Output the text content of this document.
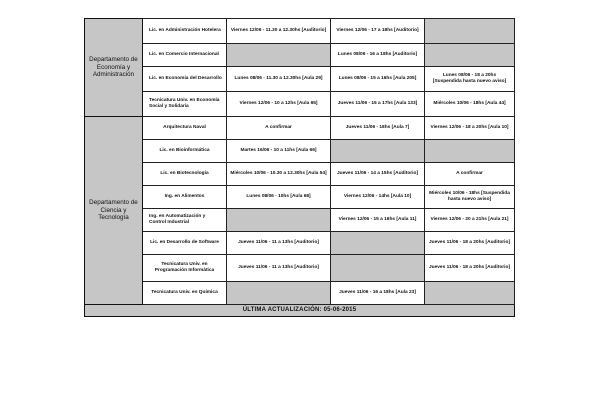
Departamento de Economía y Administración	Lic. en Administración Hotelera	Viernes 12/06 - 11.30 a 12.30hs [Auditorio]	Viernes 12/06 - 17 a 18hs [Auditorio]	
	Lic. en Comercio Internacional		Lunes 08/06 - 16 a 18hs [Auditorio]	
	Lic. en Economía del Desarrollo	Lunes 08/06 - 11.30 a 12.30hs [Aula 29]	Lunes 08/06 - 15 a 16hs [Aula 205]	Lunes 08/06 - 18 a 20hs [Suspendida hasta nuevo aviso]
	Tecnicatura Univ. en Economía Social y Solidaria	Viernes 12/06 - 10 a 12hs [Aula 65]	Jueves 11/06 - 15 a 17hs [Aula 133]	Miércoles 10/06 - 18hs [Aula 44]
Departamento de Ciencia y Tecnología	Arquitectura Naval	A confirmar	Jueves 11/06 - 18hs [Aula 7]	Viernes 12/06 - 18 a 20hs [Aula 10]
	Lic. en Bioinformática	Martes 16/06 - 10 a 11hs [Aula 66]		
	Lic. en Biotecnología	Miércoles 10/06 - 10.30 a 12.30hs [Aula 54]	Jueves 11/06 - 14 a 15hs [Auditorio]	A confirmar
	Ing. en Alimentos	Lunes 08/06 - 10hs [Aula 68]	Viernes 12/06 - 14hs [Aula 10]	Miércoles 10/06 - 18hs [Suspendida hasta nuevo aviso]
	Ing. en Automatización y Control Industrial		Viernes 12/06 - 15 a 16hs [Aula 11]	Viernes 12/06 - 20 a 21hs [Aula 21]
	Lic. en Desarrollo de Software	Jueves 11/06 - 11 a 13hs [Auditorio]		Jueves 11/06 - 18 a 20hs [Auditorio]
	Tecnicatura Univ. en Programación Informática	Jueves 11/06 - 11 a 13hs [Auditorio]		Jueves 11/06 - 18 a 20hs [Auditorio]
	Tecnicatura Univ. en Química		Jueves 11/06 - 16 a 18hs [Aula 23]	
ÚLTIMA ACTUALIZACIÓN: 05-06-2015				
